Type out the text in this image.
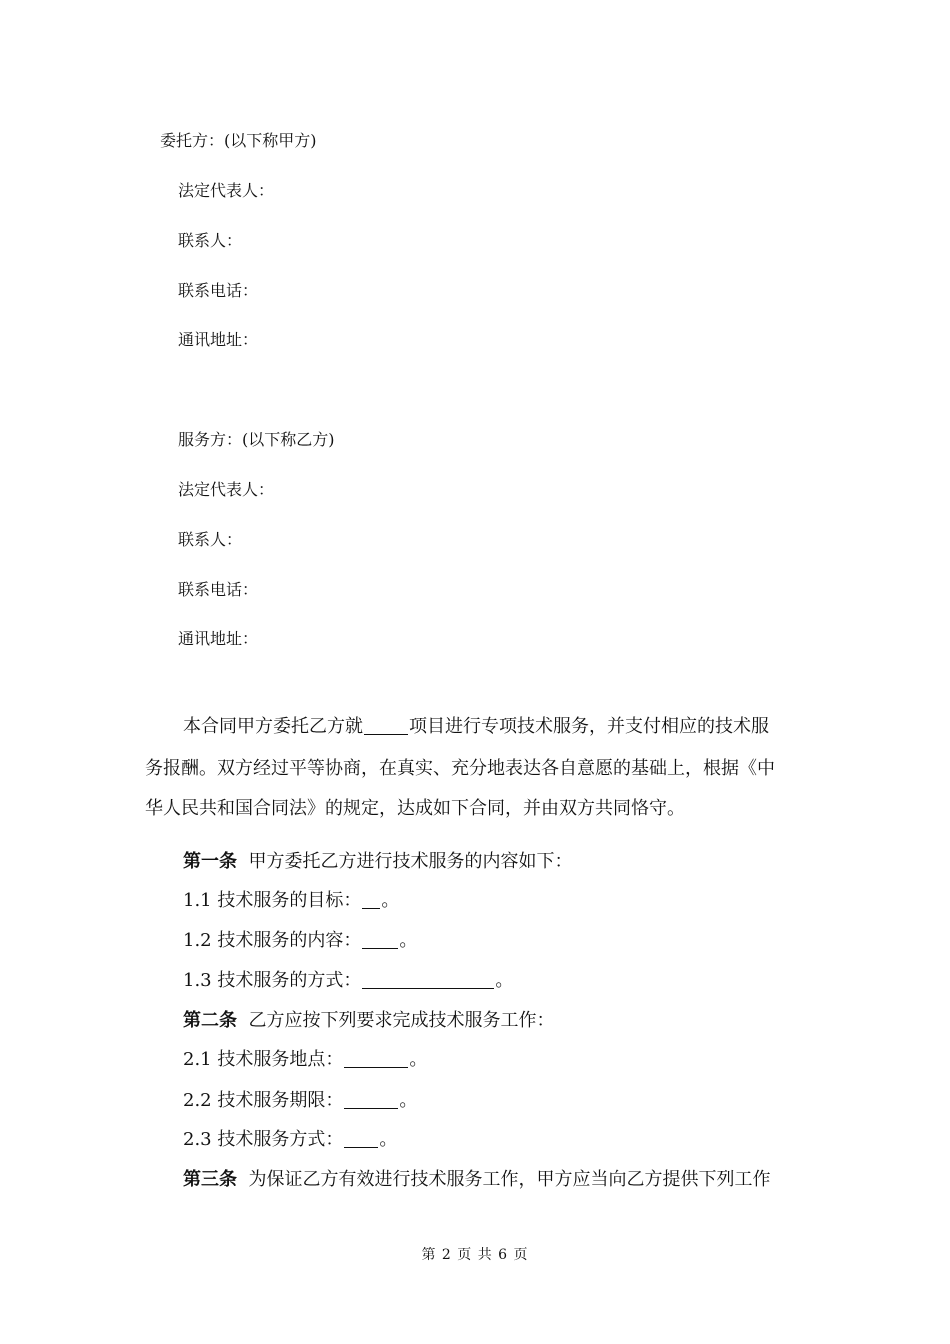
委托方：(以下称甲方)

法定代表人：

联系人：

联系电话：

通讯地址：

服务方：(以下称乙方)

法定代表人：

联系人：

联系电话：

通讯地址：

本合同甲方委托乙方就	项目进行专项技术服务，并支付相应的技术服

务报酬。双方经过平等协商，在真实、充分地表达各自意愿的基础上，根据《中

华人民共和国合同法》的规定，达成如下合同，并由双方共同恪守。

第一条 甲方委托乙方进行技术服务的内容如下：

1.1 技术服务的目标： 。

1.2 技术服务的内容： 。

1.3 技术服务的方式：	。

第二条 乙方应按下列要求完成技术服务工作：

2.1 技术服务地点：	。

2.2 技术服务期限：	。

2.3 技术服务方式： 。

第三条 为保证乙方有效进行技术服务工作，甲方应当向乙方提供下列工作

第 2 页 共 6 页
